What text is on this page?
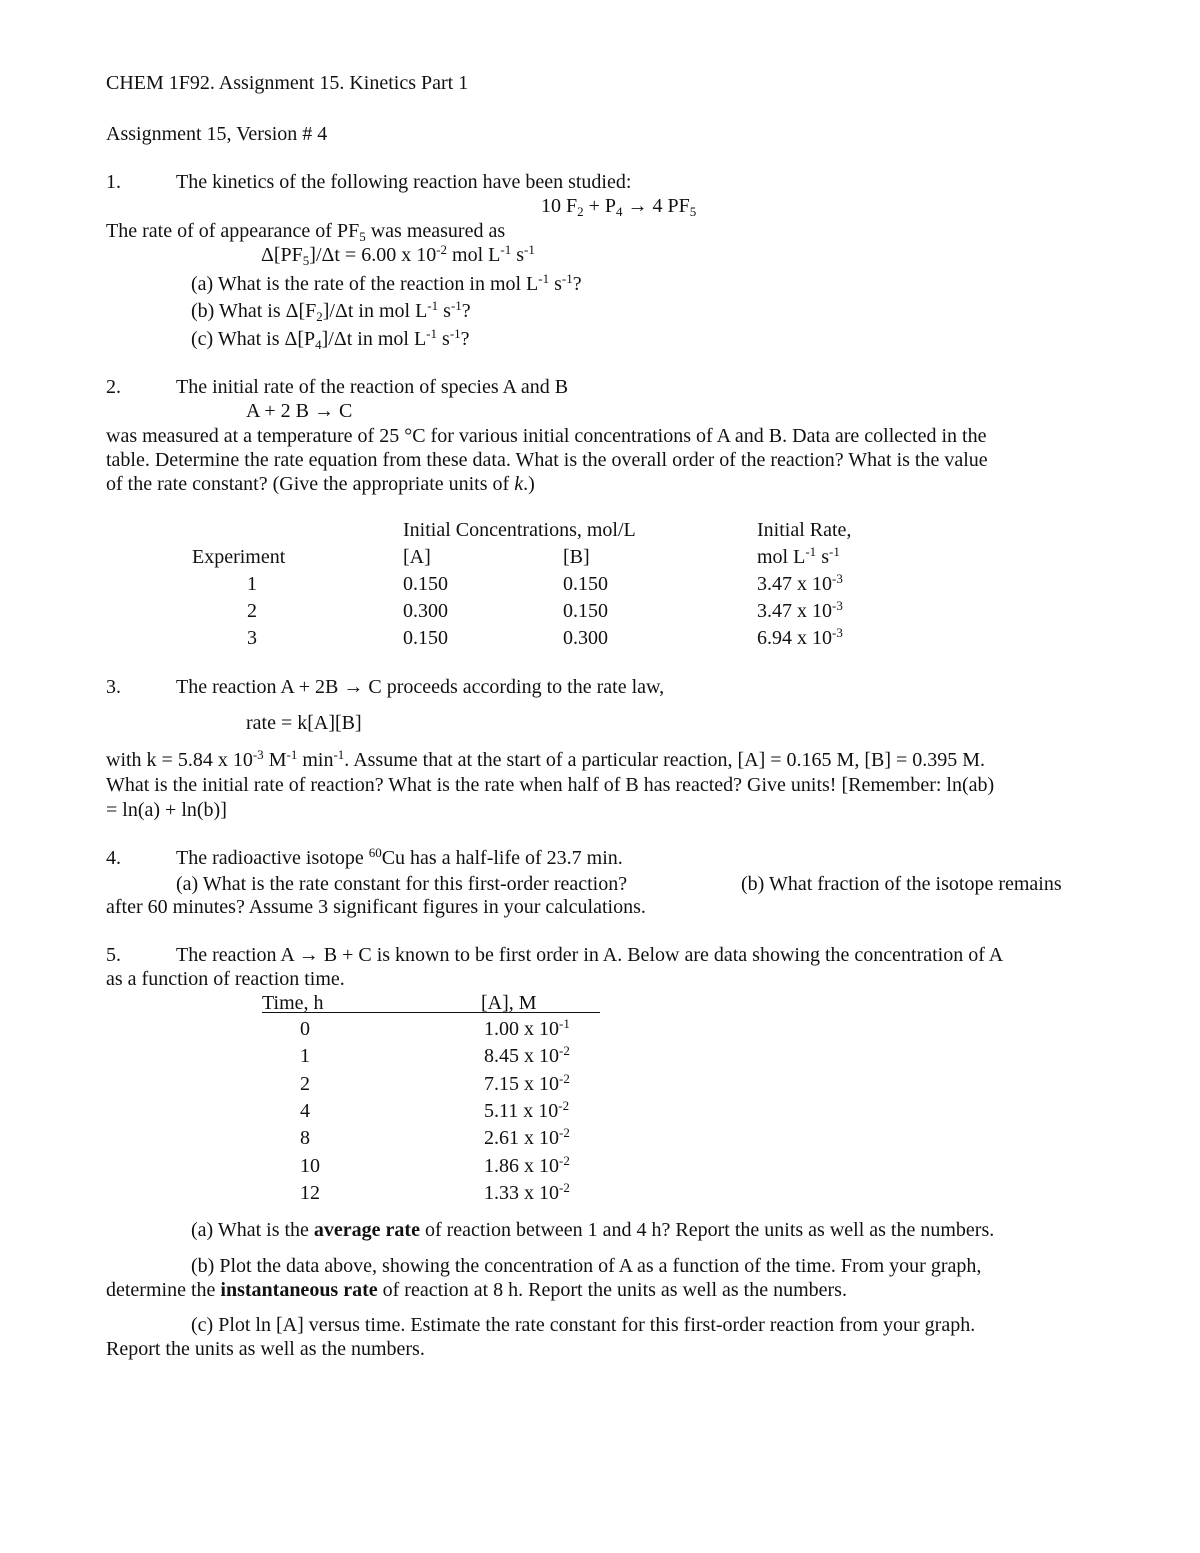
CHEM 1F92. Assignment 15. Kinetics Part 1
Assignment 15, Version # 4
1.	The kinetics of the following reaction have been studied:
10 $F_2 + P_4 \to 4$ $PF_5$
The rate of of appearance of $PF_5$ was measured as
$\Delta[PF_5]/\Delta t = 6.00$ x $10^{-2}$ mol $L^{-1}$ $s^{-1}$
(a) What is the rate of the reaction in mol $L^{-1}$ $s^{-1}$?
(b) What is $\Delta[F_2]/\Delta t$ in mol $L^{-1}$ $s^{-1}$?
(c) What is $\Delta[P_4]/\Delta t$ in mol $L^{-1}$ $s^{-1}$?
2.	The initial rate of the reaction of species A and B
A + 2 B → C
was measured at a temperature of 25 °C for various initial concentrations of A and B. Data are collected in the
table. Determine the rate equation from these data. What is the overall order of the reaction? What is the value
of the rate constant? (Give the appropriate units of k.)
Initial Concentrations, mol/L	Initial Rate,
Experiment	[A]	[B]	mol $L^{-1}$ $s^{-1}$
1	0.150	0.150	3.47 x $10^{-3}$
2	0.300	0.150	3.47 x $10^{-3}$
3	0.150	0.300	6.94 x $10^{-3}$
3.	The reaction A + 2B → C proceeds according to the rate law,
rate = k[A][B]
with k = 5.84 x $10^{-3}$ $M^{-1}$ $\min^{-1}$. Assume that at the start of a particular reaction, [A] = 0.165 M, [B] = 0.395 M.
What is the initial rate of reaction? What is the rate when half of B has reacted? Give units! [Remember: ln(ab)
= ln(a) + ln(b)]
4.	The radioactive isotope $^{60}$Cu has a half-life of 23.7 min.
(a) What is the rate constant for this first-order reaction?	(b) What fraction of the isotope remains
after 60 minutes? Assume 3 significant figures in your calculations.
5.	The reaction A → B + C is known to be first order in A. Below are data showing the concentration of A
as a function of reaction time.
Time, h	[A], M
0	1.00 x $10^{-1}$
1	8.45 x $10^{-2}$
2	7.15 x $10^{-2}$
4	5.11 x $10^{-2}$
8	2.61 x $10^{-2}$
10	1.86 x $10^{-2}$
12	1.33 x $10^{-2}$
(a) What is the average rate of reaction between 1 and 4 h? Report the units as well as the numbers.
(b) Plot the data above, showing the concentration of A as a function of the time. From your graph,
determine the instantaneous rate of reaction at 8 h. Report the units as well as the numbers.
(c) Plot ln [A] versus time. Estimate the rate constant for this first-order reaction from your graph.
Report the units as well as the numbers.
